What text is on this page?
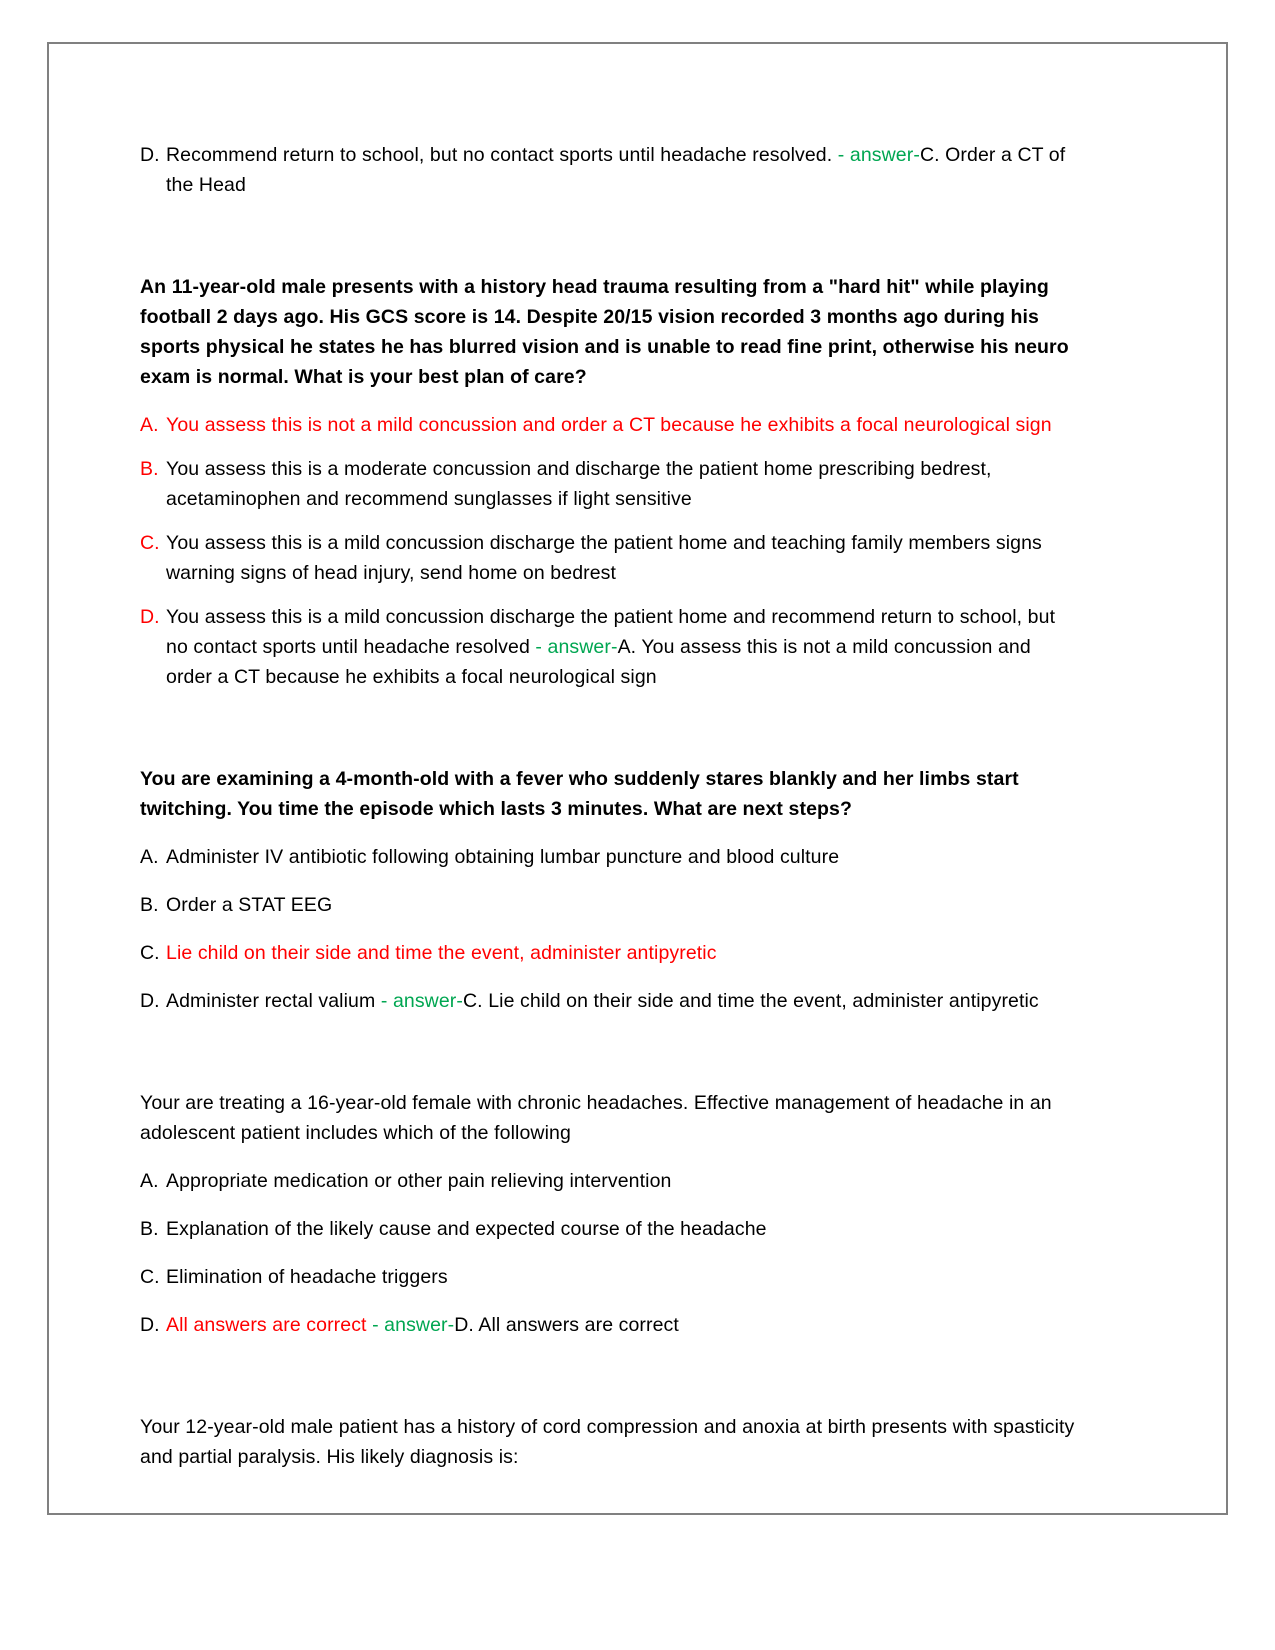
D. Recommend return to school, but no contact sports until headache resolved. - answer-C. Order a CT of the Head

An 11-year-old male presents with a history head trauma resulting from a "hard hit" while playing football 2 days ago. His GCS score is 14. Despite 20/15 vision recorded 3 months ago during his sports physical he states he has blurred vision and is unable to read fine print, otherwise his neuro exam is normal. What is your best plan of care?

A. You assess this is not a mild concussion and order a CT because he exhibits a focal neurological sign
B. You assess this is a moderate concussion and discharge the patient home prescribing bedrest, acetaminophen and recommend sunglasses if light sensitive
C. You assess this is a mild concussion discharge the patient home and teaching family members signs warning signs of head injury, send home on bedrest
D. You assess this is a mild concussion discharge the patient home and recommend return to school, but no contact sports until headache resolved - answer-A. You assess this is not a mild concussion and order a CT because he exhibits a focal neurological sign

You are examining a 4-month-old with a fever who suddenly stares blankly and her limbs start twitching. You time the episode which lasts 3 minutes. What are next steps?

A. Administer IV antibiotic following obtaining lumbar puncture and blood culture
B. Order a STAT EEG
C. Lie child on their side and time the event, administer antipyretic
D. Administer rectal valium - answer-C. Lie child on their side and time the event, administer antipyretic

Your are treating a 16-year-old female with chronic headaches. Effective management of headache in an adolescent patient includes which of the following

A. Appropriate medication or other pain relieving intervention
B. Explanation of the likely cause and expected course of the headache
C. Elimination of headache triggers
D. All answers are correct - answer-D. All answers are correct

Your 12-year-old male patient has a history of cord compression and anoxia at birth presents with spasticity and partial paralysis. His likely diagnosis is:
